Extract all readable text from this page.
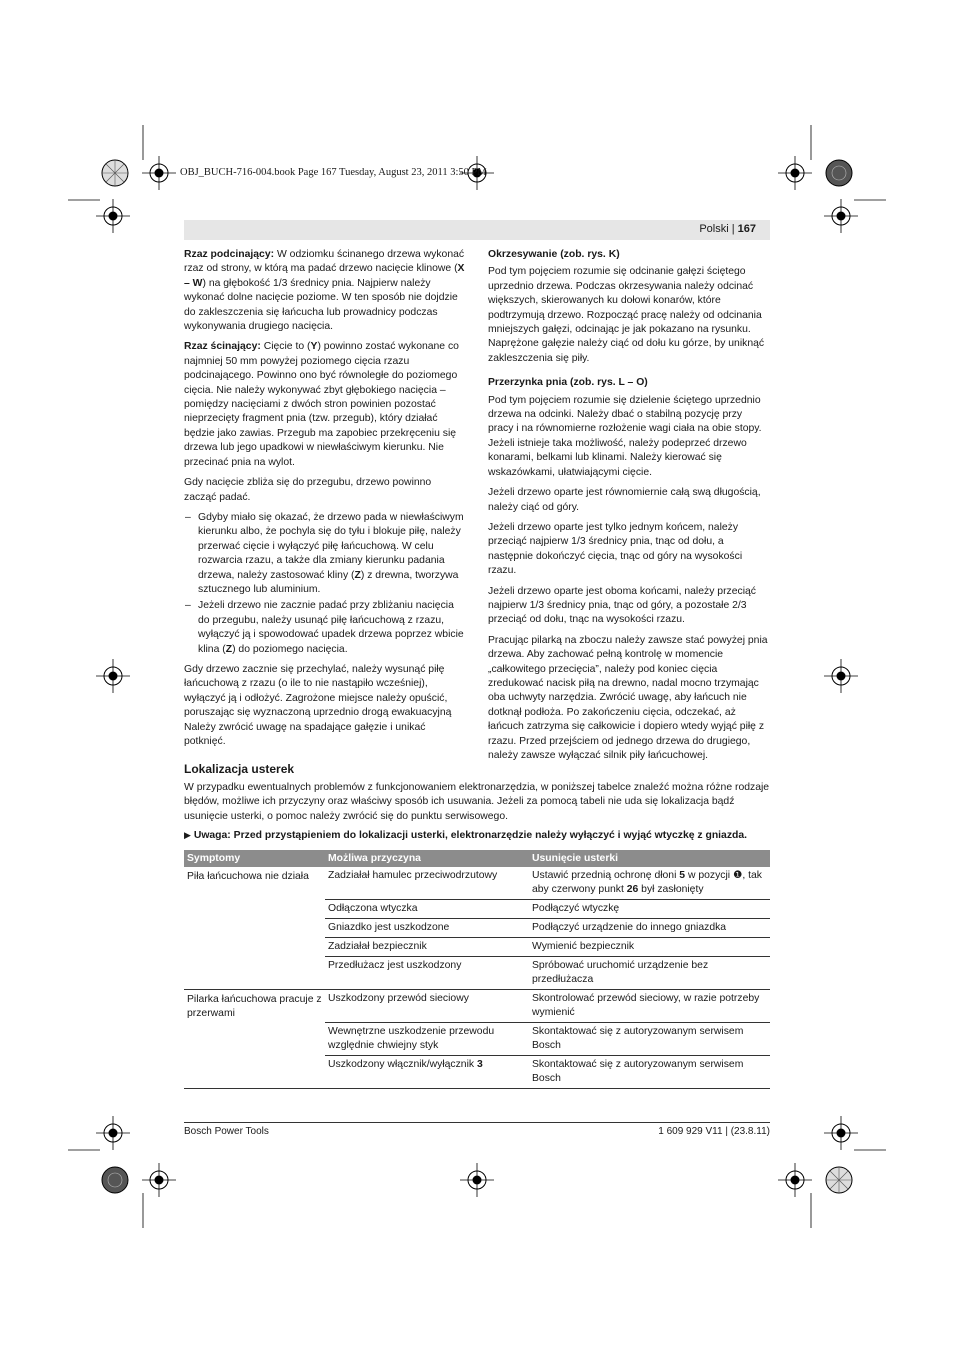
OBJ_BUCH-716-004.book Page 167 Tuesday, August 23, 2011 3:50 PM
Polski | 167

Rzaz podcinający: W odziomku ścinanego drzewa wykonać rzaz od strony, w którą ma padać drzewo nacięcie klinowe (X – W) na głębokość 1/3 średnicy pnia. Najpierw należy wykonać dolne nacięcie poziome. W ten sposób nie dojdzie do zakleszczenia się łańcucha lub prowadnicy podczas wykonywania drugiego nacięcia.

Rzaz ścinający: Cięcie to (Y) powinno zostać wykonane co najmniej 50 mm powyżej poziomego cięcia rzazu podcinającego. Powinno ono być równoległe do poziomego cięcia. Nie należy wykonywać zbyt głębokiego nacięcia – pomiędzy nacięciami z dwóch stron powinien pozostać nieprzecięty fragment pnia (tzw. przegub), który działać będzie jako zawias. Przegub ma zapobiec przekręceniu się drzewa lub jego upadkowi w niewłaściwym kierunku. Nie przecinać pnia na wylot.

Gdy nacięcie zbliża się do przegubu, drzewo powinno zacząć padać.

– Gdyby miało się okazać, że drzewo pada w niewłaściwym kierunku albo, że pochyla się do tyłu i blokuje piłę, należy przerwać cięcie i wyłączyć piłę łańcuchową. W celu rozwarcia rzazu, a także dla zmiany kierunku padania drzewa, należy zastosować kliny (Z) z drewna, tworzywa sztucznego lub aluminium.
– Jeżeli drzewo nie zacznie padać przy zbliżaniu nacięcia do przegubu, należy usunąć piłę łańcuchową z rzazu, wyłączyć ją i spowodować upadek drzewa poprzez wbicie klina (Z) do poziomego nacięcia.

Gdy drzewo zacznie się przechylać, należy wysunąć piłę łańcuchową z rzazu (o ile to nie nastąpiło wcześniej), wyłączyć ją i odłożyć. Zagrożone miejsce należy opuścić, poruszając się wyznaczoną uprzednio drogą ewakuacyjną Należy zwrócić uwagę na spadające gałęzie i unikać potknięć.

Okrzesywanie (zob. rys. K)

Pod tym pojęciem rozumie się odcinanie gałęzi ściętego uprzednio drzewa. Podczas okrzesywania należy odcinać większych, skierowanych ku dołowi konarów, które podtrzymują drzewo. Rozpocząć pracę należy od odcinania mniejszych gałęzi, odcinając je jak pokazano na rysunku. Naprężone gałęzie należy ciąć od dołu ku górze, by uniknąć zakleszczenia się piły.

Przerzynka pnia (zob. rys. L – O)

Pod tym pojęciem rozumie się dzielenie ściętego uprzednio drzewa na odcinki. Należy dbać o stabilną pozycję przy pracy i na równomierne rozłożenie wagi ciała na obie stopy. Jeżeli istnieje taka możliwość, należy podeprzeć drzewo konarami, belkami lub klinami. Należy kierować się wskazówkami, ułatwiającymi cięcie.

Jeżeli drzewo oparte jest równomiernie całą swą długością, należy ciąć od góry.

Jeżeli drzewo oparte jest tylko jednym końcem, należy przeciąć najpierw 1/3 średnicy pnia, tnąc od dołu, a następnie dokończyć cięcia, tnąc od góry na wysokości rzazu.

Jeżeli drzewo oparte jest oboma końcami, należy przeciąć najpierw 1/3 średnicy pnia, tnąc od góry, a pozostałe 2/3 przeciąć od dołu, tnąc na wysokości rzazu.

Pracując pilarką na zboczu należy zawsze stać powyżej pnia drzewa. Aby zachować pełną kontrolę w momencie „całkowitego przecięcia”, należy pod koniec cięcia zredukować nacisk piłą na drewno, nadal mocno trzymając oba uchwyty narzędzia. Zwrócić uwagę, aby łańcuch nie dotknął podłoża. Po zakończeniu cięcia, odczekać, aż łańcuch zatrzyma się całkowicie i dopiero wtedy wyjąć piłę z rzazu. Przed przejściem od jednego drzewa do drugiego, należy zawsze wyłączać silnik piły łańcuchowej.

Lokalizacja usterek
W przypadku ewentualnych problemów z funkcjonowaniem elektronarzędzia, w poniższej tabelce znaleźć można różne rodzaje błędów, możliwe ich przyczyny oraz właściwy sposób ich usuwania. Jeżeli za pomocą tabeli nie uda się lokalizacja bądź usunięcie usterki, o pomoc należy zwrócić się do punktu serwisowego.
▶ Uwaga: Przed przystąpieniem do lokalizacji usterki, elektronarzędzie należy wyłączyć i wyjąć wtyczkę z gniazda.
Symptomy	Możliwa przyczyna	Usunięcie usterki
Piła łańcuchowa nie działa	Zadziałał hamulec przeciwodrzutowy	Ustawić przednią ochronę dłoni 5 w pozycji ❶, tak aby czerwony punkt 26 był zasłonięty
	Odłączona wtyczka	Podłączyć wtyczkę
	Gniazdko jest uszkodzone	Podłączyć urządzenie do innego gniazdka
	Zadziałał bezpiecznik	Wymienić bezpiecznik
	Przedłużacz jest uszkodzony	Spróbować uruchomić urządzenie bez przedłużacza
Pilarka łańcuchowa pracuje z przerwami	Uszkodzony przewód sieciowy	Skontrolować przewód sieciowy, w razie potrzeby wymienić
	Wewnętrzne uszkodzenie przewodu względnie chwiejny styk	Skontaktować się z autoryzowanym serwisem Bosch
	Uszkodzony włącznik/wyłącznik 3	Skontaktować się z autoryzowanym serwisem Bosch
Bosch Power Tools	1 609 929 V11 | (23.8.11)
